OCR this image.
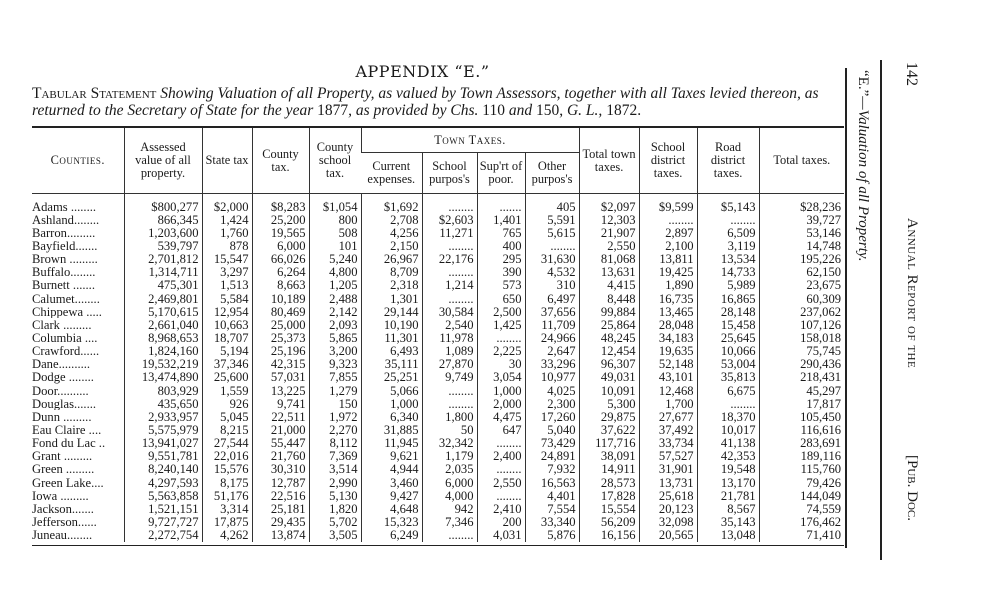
APPENDIX “E.”
Tabular Statement Showing Valuation of all Property, as valued by Town Assessors, together with all Taxes levied thereon, as returned to the Secretary of State for the year 1877, as provided by Chs. 110 and 150, G. L., 1872.
Counties.	Assessed value of all property.	State tax	County tax.	County school tax.	Town Taxes.				Total town taxes.	School district taxes.	Road district taxes.	Total taxes.
					Current expenses.	School purpos's	Sup'rt of poor.	Other purpos's				
Adams ........	$800,277	$2,000	$8,283	$1,054	$1,692	........	.......	405	$2,097	$9,599	$5,143	$28,236
Ashland........	866,345	1,424	25,200	800	2,708	$2,603	1,401	5,591	12,303	........	........	39,727
Barron.........	1,203,600	1,760	19,565	508	4,256	11,271	765	5,615	21,907	2,897	6,509	53,146
Bayfield.......	539,797	878	6,000	101	2,150	........	400	........	2,550	2,100	3,119	14,748
Brown .........	2,701,812	15,547	66,026	5,240	26,967	22,176	295	31,630	81,068	13,811	13,534	195,226
Buffalo........	1,314,711	3,297	6,264	4,800	8,709	........	390	4,532	13,631	19,425	14,733	62,150
Burnett .......	475,301	1,513	8,663	1,205	2,318	1,214	573	310	4,415	1,890	5,989	23,675
Calumet........	2,469,801	5,584	10,189	2,488	1,301	........	650	6,497	8,448	16,735	16,865	60,309
Chippewa .....	5,170,615	12,954	80,469	2,142	29,144	30,584	2,500	37,656	99,884	13,465	28,148	237,062
Clark .........	2,661,040	10,663	25,000	2,093	10,190	2,540	1,425	11,709	25,864	28,048	15,458	107,126
Columbia ....	8,968,653	18,707	25,373	5,865	11,301	11,978	........	24,966	48,245	34,183	25,645	158,018
Crawford......	1,824,160	5,194	25,196	3,200	6,493	1,089	2,225	2,647	12,454	19,635	10,066	75,745
Dane..........	19,532,219	37,346	42,315	9,323	35,111	27,870	30	33,296	96,307	52,148	53,004	290,436
Dodge ........	13,474,890	25,600	57,031	7,855	25,251	9,749	3,054	10,977	49,031	43,101	35,813	218,431
Door..........	803,929	1,559	13,225	1,279	5,066	........	1,000	4,025	10,091	12,468	6,675	45,297
Douglas.......	435,650	926	9,741	150	1,000	........	2,000	2,300	5,300	1,700	........	17,817
Dunn .........	2,933,957	5,045	22,511	1,972	6,340	1,800	4,475	17,260	29,875	27,677	18,370	105,450
Eau Claire ....	5,575,979	8,215	21,000	2,270	31,885	50	647	5,040	37,622	37,492	10,017	116,616
Fond du Lac ..	13,941,027	27,544	55,447	8,112	11,945	32,342	........	73,429	117,716	33,734	41,138	283,691
Grant .........	9,551,781	22,016	21,760	7,369	9,621	1,179	2,400	24,891	38,091	57,527	42,353	189,116
Green .........	8,240,140	15,576	30,310	3,514	4,944	2,035	........	7,932	14,911	31,901	19,548	115,760
Green Lake....	4,297,593	8,175	12,787	2,990	3,460	6,000	2,550	16,563	28,573	13,731	13,170	79,426
Iowa .........	5,563,858	51,176	22,516	5,130	9,427	4,000	........	4,401	17,828	25,618	21,781	144,049
Jackson.......	1,521,151	3,314	25,181	1,820	4,648	942	2,410	7,554	15,554	20,123	8,567	74,559
Jefferson......	9,727,727	17,875	29,435	5,702	15,323	7,346	200	33,340	56,209	32,098	35,143	176,462
Juneau........	2,272,754	4,262	13,874	3,505	6,249	........	4,031	5,876	16,156	20,565	13,048	71,410
“E.”—Valuation of all Property.
142
Annual Report of the
[Pub. Doc.
